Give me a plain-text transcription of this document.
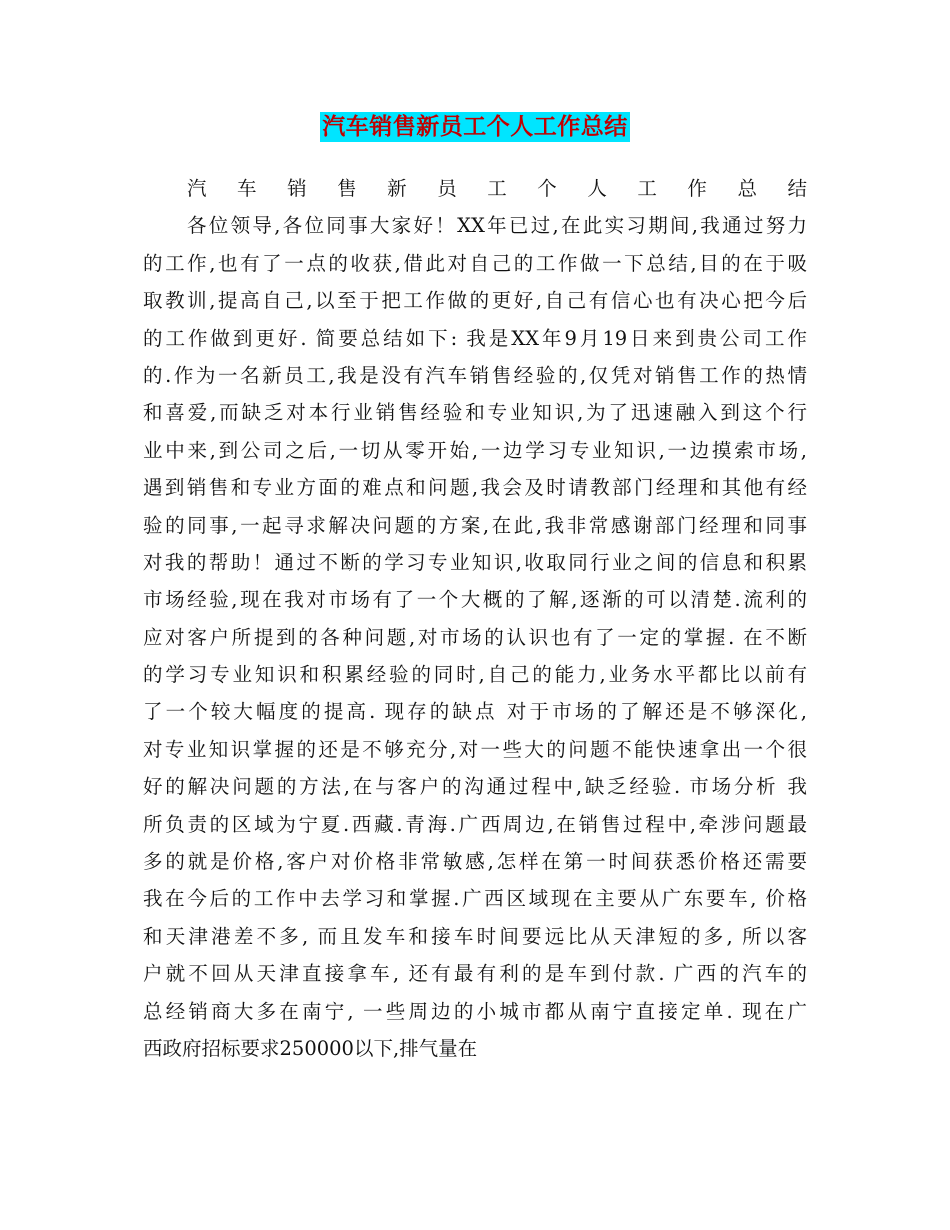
汽车销售新员工个人工作总结
汽车销售新员工个人工作总结
各位领导,各位同事大家好！XX年已过,在此实习期间,我通过努力
的工作,也有了一点的收获,借此对自己的工作做一下总结,目的在于吸
取教训,提高自己,以至于把工作做的更好,自己有信心也有决心把今后
的工作做到更好. 简要总结如下: 我是XX年9月19日来到贵公司工作
的.作为一名新员工,我是没有汽车销售经验的,仅凭对销售工作的热情
和喜爱,而缺乏对本行业销售经验和专业知识,为了迅速融入到这个行
业中来,到公司之后,一切从零开始,一边学习专业知识,一边摸索市场,
遇到销售和专业方面的难点和问题,我会及时请教部门经理和其他有经
验的同事,一起寻求解决问题的方案,在此,我非常感谢部门经理和同事
对我的帮助！通过不断的学习专业知识,收取同行业之间的信息和积累
市场经验,现在我对市场有了一个大概的了解,逐渐的可以清楚.流利的
应对客户所提到的各种问题,对市场的认识也有了一定的掌握. 在不断
的学习专业知识和积累经验的同时,自己的能力,业务水平都比以前有
了一个较大幅度的提高. 现存的缺点 对于市场的了解还是不够深化,
对专业知识掌握的还是不够充分,对一些大的问题不能快速拿出一个很
好的解决问题的方法,在与客户的沟通过程中,缺乏经验. 市场分析 我
所负责的区域为宁夏.西藏.青海.广西周边,在销售过程中,牵涉问题最
多的就是价格,客户对价格非常敏感,怎样在第一时间获悉价格还需要
我在今后的工作中去学习和掌握.广西区域现在主要从广东要车, 价格
和天津港差不多, 而且发车和接车时间要远比从天津短的多, 所以客
户就不回从天津直接拿车, 还有最有利的是车到付款. 广西的汽车的
总经销商大多在南宁, 一些周边的小城市都从南宁直接定单. 现在广
西政府招标要求250000以下,排气量在
